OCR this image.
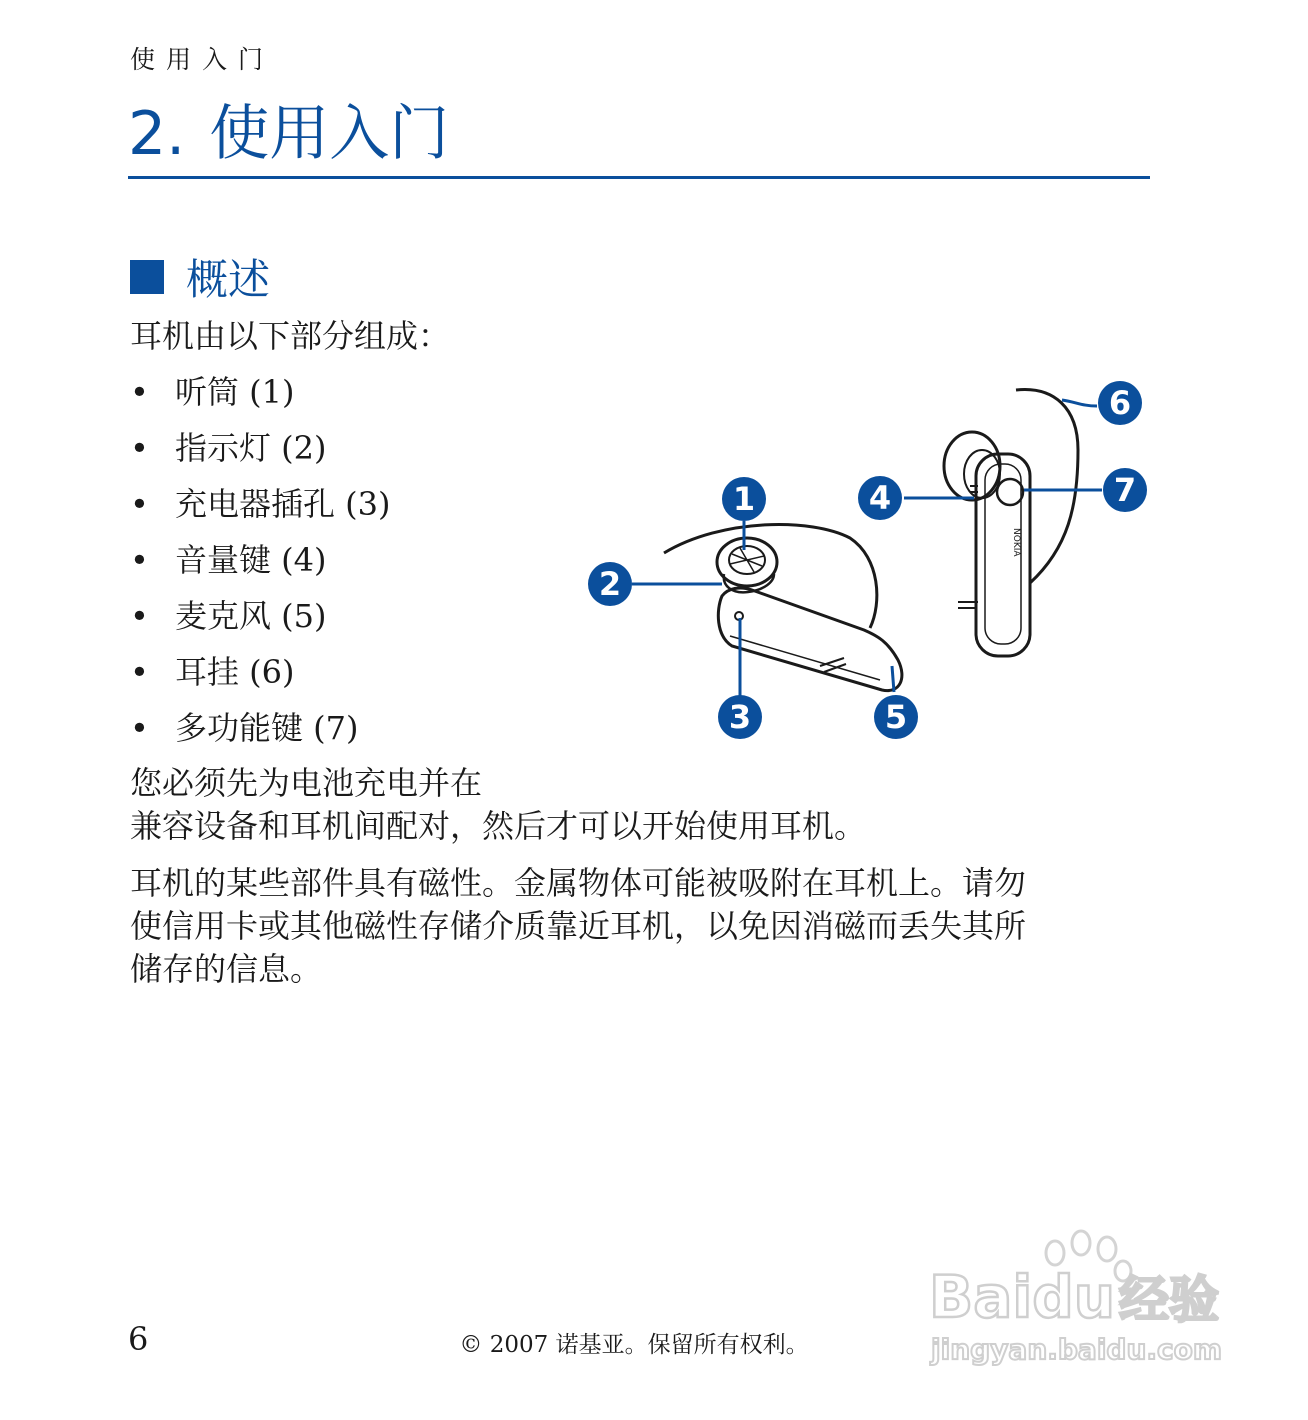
使用入门
2. 使用入门
概述
耳机由以下部分组成：
• 听筒 (1)
• 指示灯 (2)
• 充电器插孔 (3)
• 音量键 (4)
• 麦克风 (5)
• 耳挂 (6)
• 多功能键 (7)
NOKIA
1
2
3
4
5
6
7
您必须先为电池充电并在
兼容设备和耳机间配对，然后才可以开始使用耳机。
耳机的某些部件具有磁性。金属物体可能被吸附在耳机上。请勿
使信用卡或其他磁性存储介质靠近耳机，以免因消磁而丢失其所
储存的信息。
6	© 2007 诺基亚。保留所有权利。
Baidu 经验
jingyan.baidu.com
